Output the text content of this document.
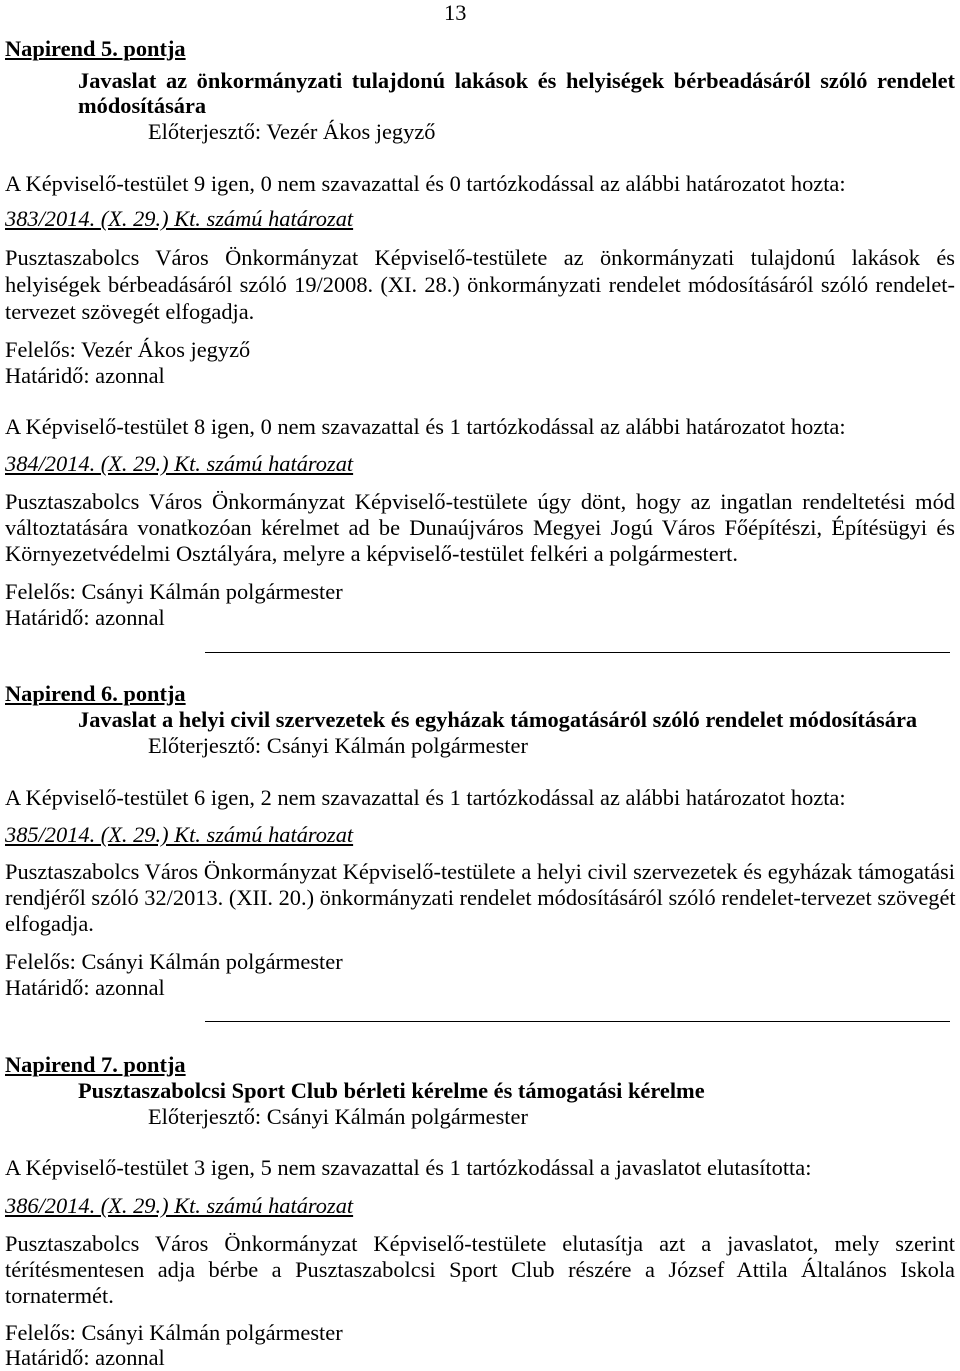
13
Napirend 5. pontja
Javaslat az önkormányzati tulajdonú lakások és helyiségek bérbeadásáról szóló rendelet
módosítására
Előterjesztő: Vezér Ákos jegyző
A Képviselő-testület 9 igen, 0 nem szavazattal és 0 tartózkodással az alábbi határozatot hozta:
383/2014. (X. 29.) Kt. számú határozat
Pusztaszabolcs Város Önkormányzat Képviselő-testülete az önkormányzati tulajdonú lakások és
helyiségek bérbeadásáról szóló 19/2008. (XI. 28.) önkormányzati rendelet módosításáról szóló rendelet-
tervezet szövegét elfogadja.
Felelős: Vezér Ákos jegyző
Határidő: azonnal
A Képviselő-testület 8 igen, 0 nem szavazattal és 1 tartózkodással az alábbi határozatot hozta:
384/2014. (X. 29.) Kt. számú határozat
Pusztaszabolcs Város Önkormányzat Képviselő-testülete úgy dönt, hogy az ingatlan rendeltetési mód
változtatására vonatkozóan kérelmet ad be Dunaújváros Megyei Jogú Város Főépítészi, Építésügyi és
Környezetvédelmi Osztályára, melyre a képviselő-testület felkéri a polgármestert.
Felelős: Csányi Kálmán polgármester
Határidő: azonnal
Napirend 6. pontja
Javaslat a helyi civil szervezetek és egyházak támogatásáról szóló rendelet módosítására
Előterjesztő: Csányi Kálmán polgármester
A Képviselő-testület 6 igen, 2 nem szavazattal és 1 tartózkodással az alábbi határozatot hozta:
385/2014. (X. 29.) Kt. számú határozat
Pusztaszabolcs Város Önkormányzat Képviselő-testülete a helyi civil szervezetek és egyházak támogatási
rendjéről szóló 32/2013. (XII. 20.) önkormányzati rendelet módosításáról szóló rendelet-tervezet szövegét
elfogadja.
Felelős: Csányi Kálmán polgármester
Határidő: azonnal
Napirend 7. pontja
Pusztaszabolcsi Sport Club bérleti kérelme és támogatási kérelme
Előterjesztő: Csányi Kálmán polgármester
A Képviselő-testület 3 igen, 5 nem szavazattal és 1 tartózkodással a javaslatot elutasította:
386/2014. (X. 29.) Kt. számú határozat
Pusztaszabolcs Város Önkormányzat Képviselő-testülete elutasítja azt a javaslatot, mely szerint
térítésmentesen adja bérbe a Pusztaszabolcsi Sport Club részére a József Attila Általános Iskola
tornatermét.
Felelős: Csányi Kálmán polgármester
Határidő: azonnal
